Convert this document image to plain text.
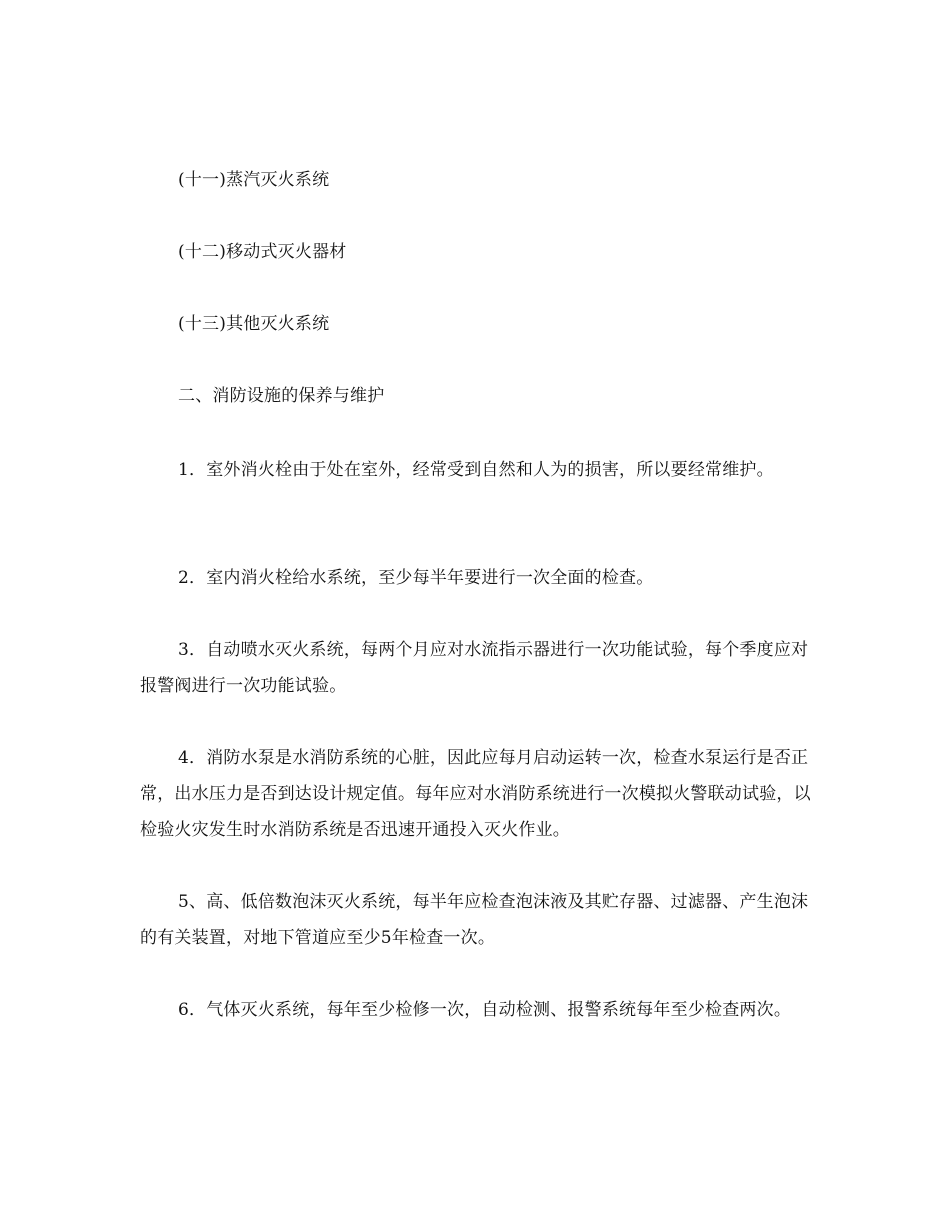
(十一)蒸汽灭火系统

(十二)移动式灭火器材

(十三)其他灭火系统

二、消防设施的保养与维护

1．室外消火栓由于处在室外，经常受到自然和人为的损害，所以要经常维护。

2．室内消火栓给水系统，至少每半年要进行一次全面的检查。

3．自动喷水灭火系统，每两个月应对水流指示器进行一次功能试验，每个季度应对报警阀进行一次功能试验。

4．消防水泵是水消防系统的心脏，因此应每月启动运转一次，检查水泵运行是否正常，出水压力是否到达设计规定值。每年应对水消防系统进行一次模拟火警联动试验，以检验火灾发生时水消防系统是否迅速开通投入灭火作业。

5、高、低倍数泡沫灭火系统，每半年应检查泡沫液及其贮存器、过滤器、产生泡沫的有关装置，对地下管道应至少5年检查一次。

6．气体灭火系统，每年至少检修一次，自动检测、报警系统每年至少检查两次。
